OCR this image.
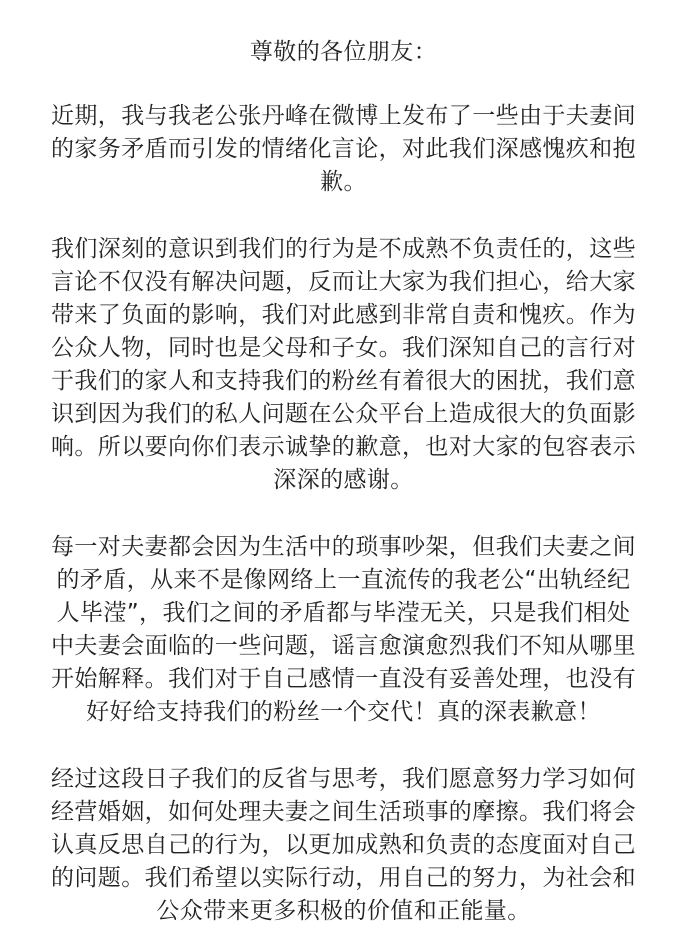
尊敬的各位朋友：
近期，我与我老公张丹峰在微博上发布了一些由于夫妻间
的家务矛盾而引发的情绪化言论，对此我们深感愧疚和抱
歉。
我们深刻的意识到我们的行为是不成熟不负责任的，这些
言论不仅没有解决问题，反而让大家为我们担心，给大家
带来了负面的影响，我们对此感到非常自责和愧疚。作为
公众人物，同时也是父母和子女。我们深知自己的言行对
于我们的家人和支持我们的粉丝有着很大的困扰，我们意
识到因为我们的私人问题在公众平台上造成很大的负面影
响。所以要向你们表示诚挚的歉意，也对大家的包容表示
深深的感谢。
每一对夫妻都会因为生活中的琐事吵架，但我们夫妻之间
的矛盾，从来不是像网络上一直流传的我老公“出轨经纪
人毕滢”，我们之间的矛盾都与毕滢无关，只是我们相处
中夫妻会面临的一些问题，谣言愈演愈烈我们不知从哪里
开始解释。我们对于自己感情一直没有妥善处理，也没有
好好给支持我们的粉丝一个交代！真的深表歉意！
经过这段日子我们的反省与思考，我们愿意努力学习如何
经营婚姻，如何处理夫妻之间生活琐事的摩擦。我们将会
认真反思自己的行为，以更加成熟和负责的态度面对自己
的问题。我们希望以实际行动，用自己的努力，为社会和
公众带来更多积极的价值和正能量。
